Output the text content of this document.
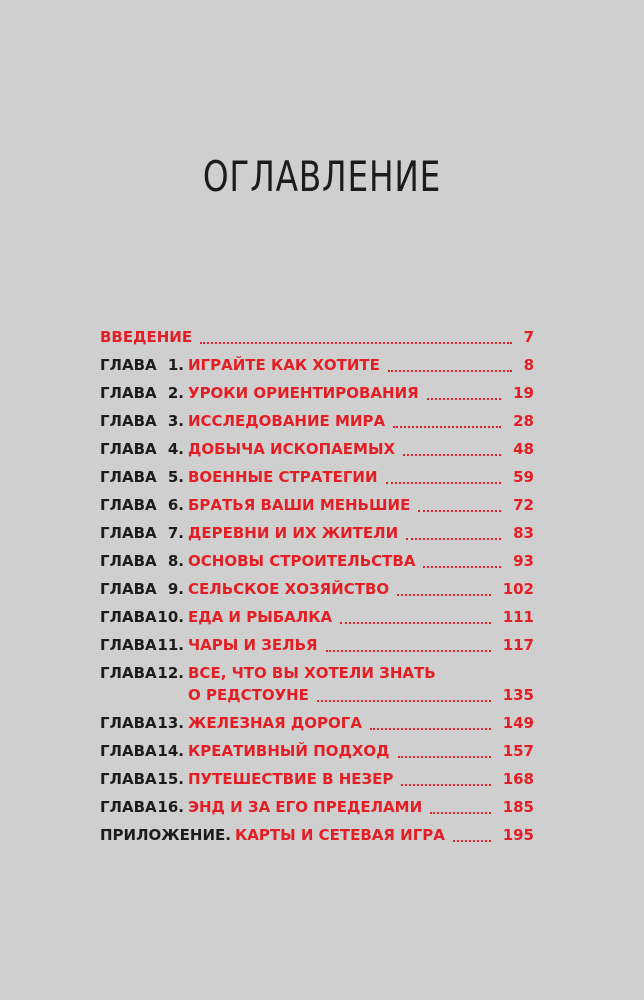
ОГЛАВЛЕНИЕ
ВВЕДЕНИЕ	7
ГЛАВА 1. ИГРАЙТЕ КАК ХОТИТЕ	8
ГЛАВА 2. УРОКИ ОРИЕНТИРОВАНИЯ	19
ГЛАВА 3. ИССЛЕДОВАНИЕ МИРА	28
ГЛАВА 4. ДОБЫЧА ИСКОПАЕМЫХ	48
ГЛАВА 5. ВОЕННЫЕ СТРАТЕГИИ	59
ГЛАВА 6. БРАТЬЯ ВАШИ МЕНЬШИЕ	72
ГЛАВА 7. ДЕРЕВНИ И ИХ ЖИТЕЛИ	83
ГЛАВА 8. ОСНОВЫ СТРОИТЕЛЬСТВА	93
ГЛАВА 9. СЕЛЬСКОЕ ХОЗЯЙСТВО	102
ГЛАВА 10. ЕДА И РЫБАЛКА	111
ГЛАВА 11. ЧАРЫ И ЗЕЛЬЯ	117
ГЛАВА 12. ВСЕ, ЧТО ВЫ ХОТЕЛИ ЗНАТЬ
О РЕДСТОУНЕ	135
ГЛАВА 13. ЖЕЛЕЗНАЯ ДОРОГА	149
ГЛАВА 14. КРЕАТИВНЫЙ ПОДХОД	157
ГЛАВА 15. ПУТЕШЕСТВИЕ В НЕЗЕР	168
ГЛАВА 16. ЭНД И ЗА ЕГО ПРЕДЕЛАМИ	185
ПРИЛОЖЕНИЕ. КАРТЫ И СЕТЕВАЯ ИГРА	195
